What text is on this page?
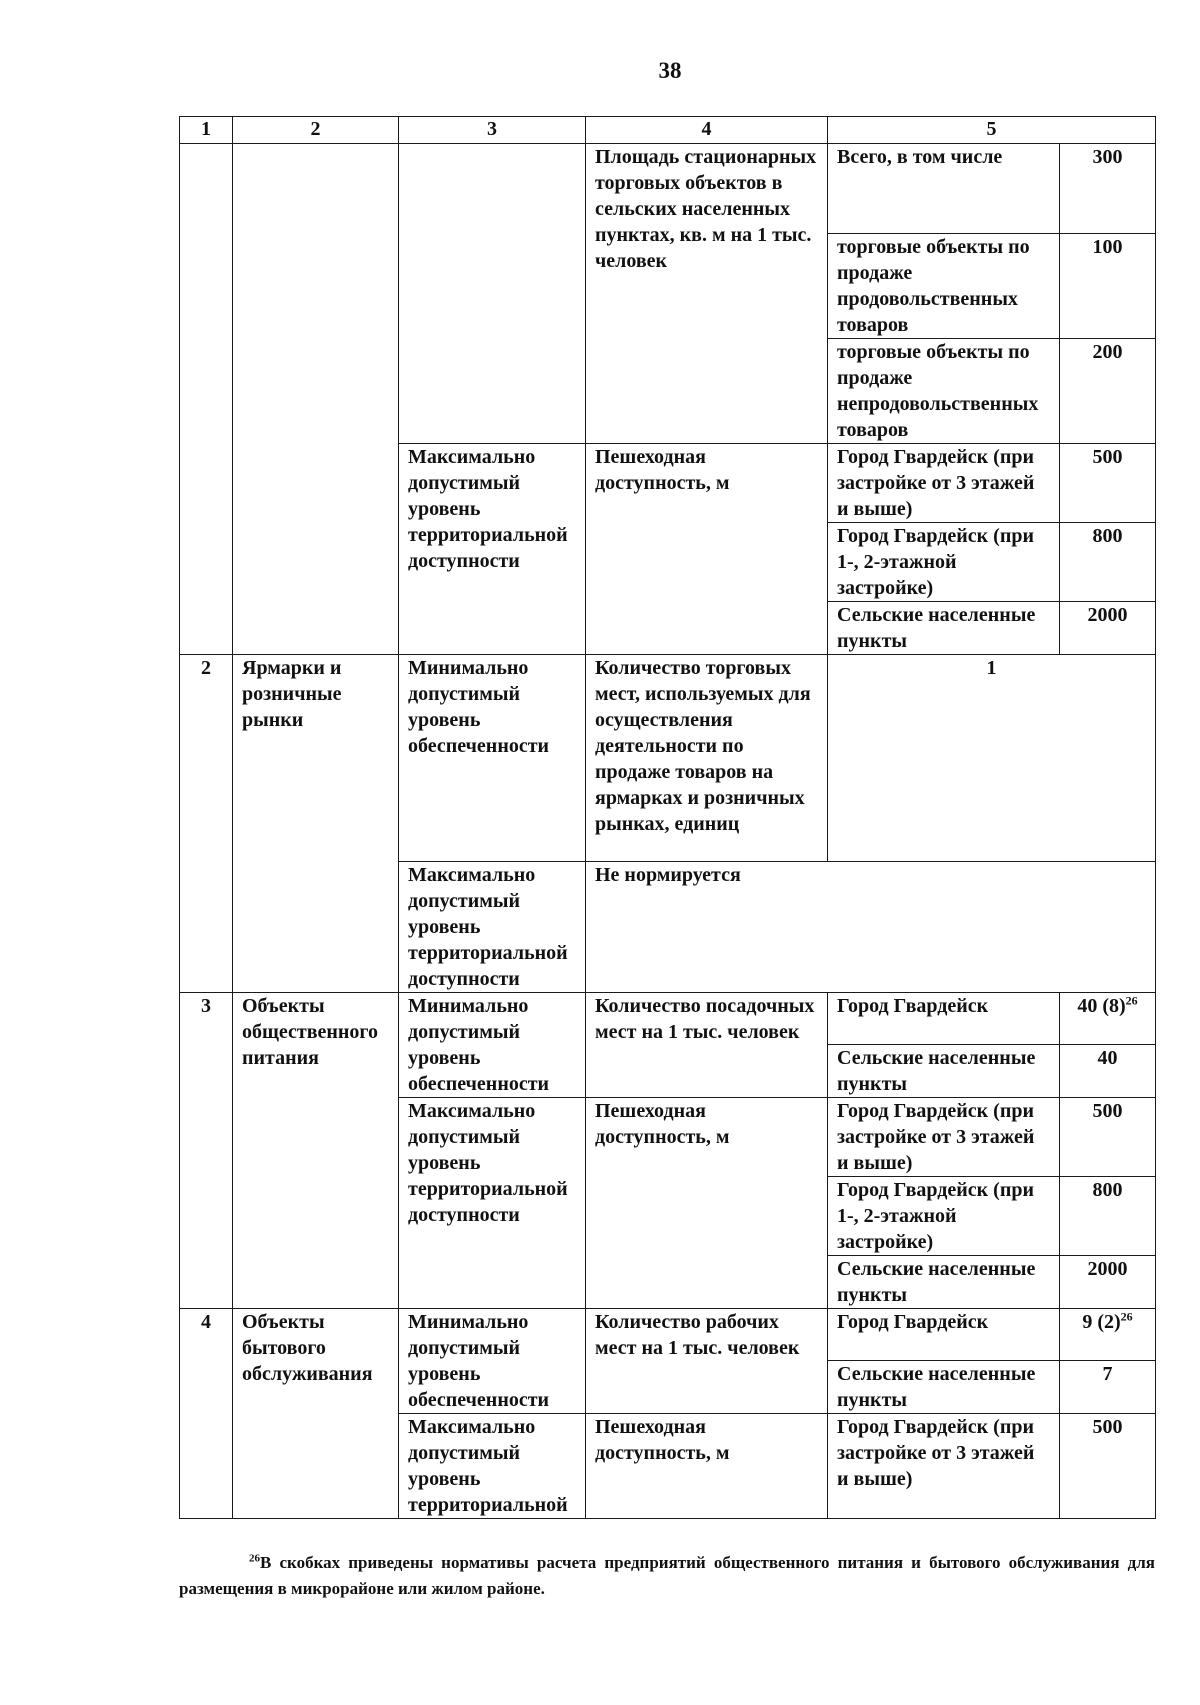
38
1	2	3	4	5	
			Площадь стационарных торговых объектов в сельских населенных пунктах, кв. м на 1 тыс. человек	Всего, в том числе	300
				торговые объекты по продаже продовольственных товаров	100
				торговые объекты по продаже непродовольственных товаров	200
		Максимально допустимый уровень территориальной доступности	Пешеходная доступность, м	Город Гвардейск (при застройке от 3 этажей и выше)	500
				Город Гвардейск (при 1-, 2-этажной застройке)	800
				Сельские населенные пункты	2000
2	Ярмарки и розничные рынки	Минимально допустимый уровень обеспеченности	Количество торговых мест, используемых для осуществления деятельности по продаже товаров на ярмарках и розничных рынках, единиц	1	
		Максимально допустимый уровень территориальной доступности	Не нормируется		
3	Объекты общественного питания	Минимально допустимый уровень обеспеченности	Количество посадочных мест на 1 тыс. человек	Город Гвардейск	40 $(8)^{26}$
				Сельские населенные пункты	40
		Максимально допустимый уровень территориальной доступности	Пешеходная доступность, м	Город Гвардейск (при застройке от 3 этажей и выше)	500
				Город Гвардейск (при 1-, 2-этажной застройке)	800
				Сельские населенные пункты	2000
4	Объекты бытового обслуживания	Минимально допустимый уровень обеспеченности	Количество рабочих мест на 1 тыс. человек	Город Гвардейск	9 $(2)^{26}$
				Сельские населенные пункты	7
		Максимально допустимый уровень территориальной	Пешеходная доступность, м	Город Гвардейск (при застройке от 3 этажей и выше)	500
$^{26}$В скобках приведены нормативы расчета предприятий общественного питания и бытового обслуживания для размещения в микрорайоне или жилом районе.
